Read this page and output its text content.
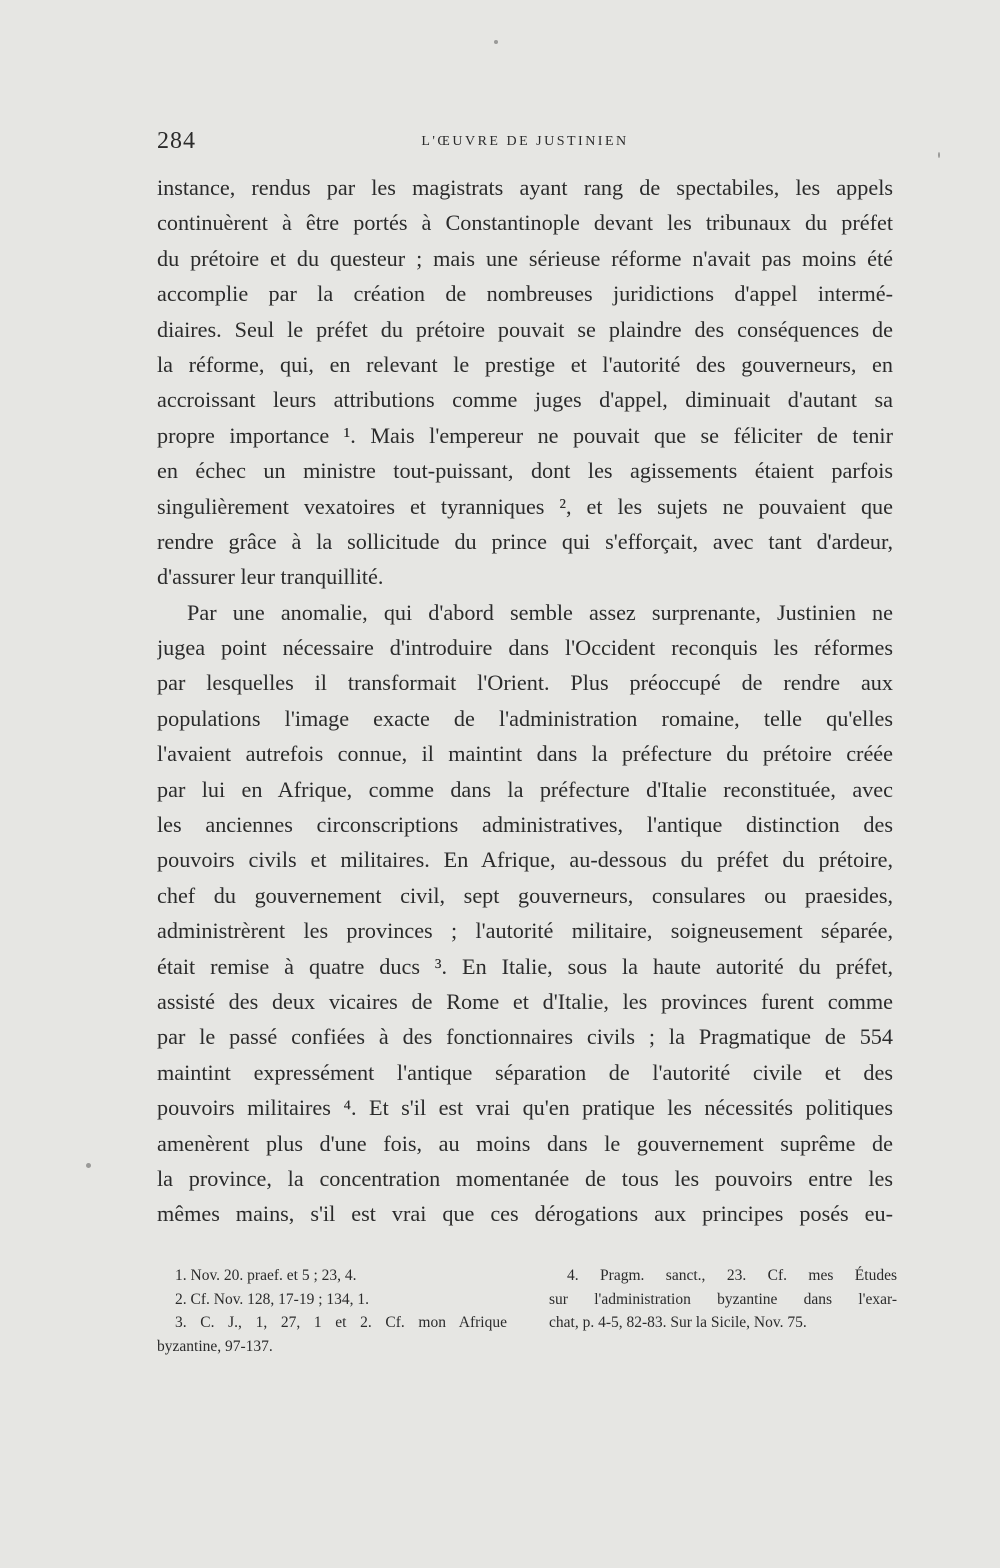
284	L'ŒUVRE DE JUSTINIEN
instance, rendus par les magistrats ayant rang de spectabiles, les appels
continuèrent à être portés à Constantinople devant les tribunaux du préfet
du prétoire et du questeur ; mais une sérieuse réforme n'avait pas moins été
accomplie par la création de nombreuses juridictions d'appel intermé-
diaires. Seul le préfet du prétoire pouvait se plaindre des conséquences de
la réforme, qui, en relevant le prestige et l'autorité des gouverneurs, en
accroissant leurs attributions comme juges d'appel, diminuait d'autant sa
propre importance ¹. Mais l'empereur ne pouvait que se féliciter de tenir
en échec un ministre tout-puissant, dont les agissements étaient parfois
singulièrement vexatoires et tyranniques ², et les sujets ne pouvaient que
rendre grâce à la sollicitude du prince qui s'efforçait, avec tant d'ardeur,
d'assurer leur tranquillité.
Par une anomalie, qui d'abord semble assez surprenante, Justinien ne
jugea point nécessaire d'introduire dans l'Occident reconquis les réformes
par lesquelles il transformait l'Orient. Plus préoccupé de rendre aux
populations l'image exacte de l'administration romaine, telle qu'elles
l'avaient autrefois connue, il maintint dans la préfecture du prétoire créée
par lui en Afrique, comme dans la préfecture d'Italie reconstituée, avec
les anciennes circonscriptions administratives, l'antique distinction des
pouvoirs civils et militaires. En Afrique, au-dessous du préfet du prétoire,
chef du gouvernement civil, sept gouverneurs, consulares ou praesides,
administrèrent les provinces ; l'autorité militaire, soigneusement séparée,
était remise à quatre ducs ³. En Italie, sous la haute autorité du préfet,
assisté des deux vicaires de Rome et d'Italie, les provinces furent comme
par le passé confiées à des fonctionnaires civils ; la Pragmatique de 554
maintint expressément l'antique séparation de l'autorité civile et des
pouvoirs militaires ⁴. Et s'il est vrai qu'en pratique les nécessités politiques
amenèrent plus d'une fois, au moins dans le gouvernement suprême de
la province, la concentration momentanée de tous les pouvoirs entre les
mêmes mains, s'il est vrai que ces dérogations aux principes posés eu-
1. Nov. 20. praef. et 5 ; 23, 4.
2. Cf. Nov. 128, 17-19 ; 134, 1.
3. C. J., 1, 27, 1 et 2. Cf. mon Afrique
byzantine, 97-137.
4. Pragm. sanct., 23. Cf. mes Études
sur l'administration byzantine dans l'exar-
chat, p. 4-5, 82-83. Sur la Sicile, Nov. 75.
